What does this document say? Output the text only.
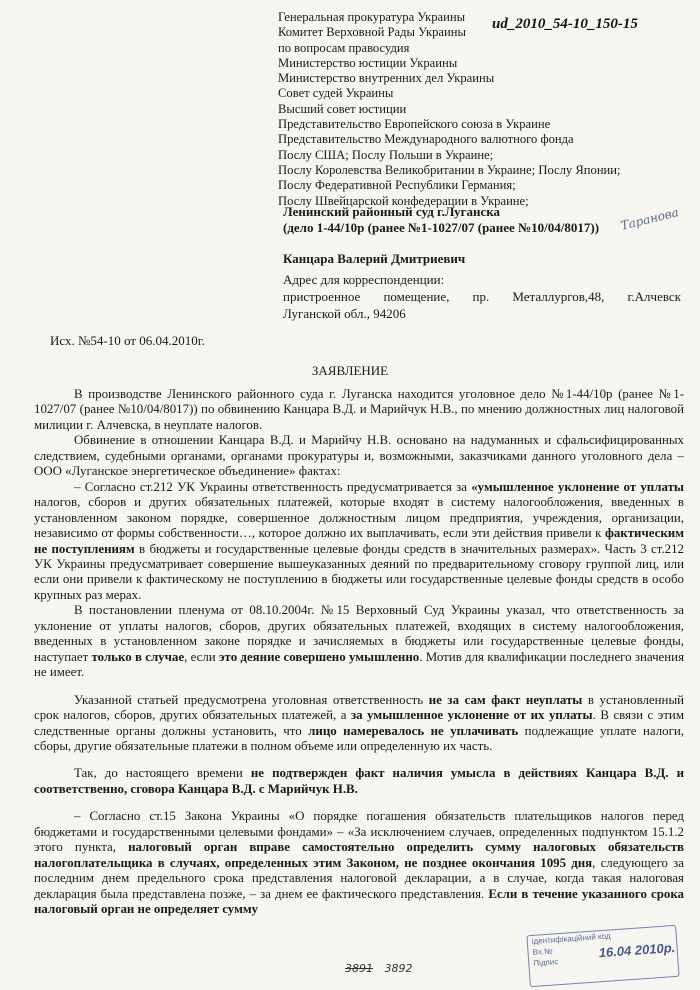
ud_2010_54-10_150-15
Генеральная прокуратура Украины
Комитет Верховной Рады Украины
по вопросам правосудия
Министерство юстиции Украины
Министерство внутренних дел Украины
Совет судей Украины
Высший совет юстиции
Представительство Европейского союза в Украине
Представительство Международного валютного фонда
Послу США; Послу Польши в Украине;
Послу Королевства Великобритании в Украине; Послу Японии;
Послу Федеративной Республики Германия;
Послу Швейцарской конфедерации в Украине;
Ленинский районный суд г.Луганска
(дело 1-44/10р (ранее №1-1027/07 (ранее №10/04/8017)) Таранова
Канцара Валерий Дмитриевич
Адрес для корреспонденции:
пристроенное помещение, пр. Металлургов,48, г.Алчевск
Луганской обл., 94206
Исх. №54-10 от 06.04.2010г.
ЗАЯВЛЕНИЕ

В производстве Ленинского районного суда г. Луганска находится уголовное дело №1-44/10р (ранее №1-1027/07 (ранее №10/04/8017)) по обвинению Канцара В.Д. и Марийчук Н.В., по мнению должностных лиц налоговой милиции г. Алчевска, в неуплате налогов.

Обвинение в отношении Канцара В.Д. и Марийчу Н.В. основано на надуманных и сфальсифицированных следствием, судебными органами, органами прокуратуры и, возможными, заказчиками данного уголовного дела – ООО «Луганское энергетическое объединение» фактах:

– Согласно ст.212 УК Украины ответственность предусматривается за «умышленное уклонение от уплаты налогов, сборов и других обязательных платежей, которые входят в систему налогообложения, введенных в установленном законом порядке, совершенное должностным лицом предприятия, учреждения, организации, независимо от формы собственности…, которое должно их выплачивать, если эти действия привели к фактическим не поступлениям в бюджеты и государственные целевые фонды средств в значительных размерах». Часть 3 ст.212 УК Украины предусматривает совершение вышеуказанных деяний по предварительному сговору группой лиц, или если они привели к фактическому не поступлению в бюджеты или государственные целевые фонды средств в особо крупных раз мерах.

В постановлении пленума от 08.10.2004г. №15 Верховный Суд Украины указал, что ответственность за уклонение от уплаты налогов, сборов, других обязательных платежей, входящих в систему налогообложения, введенных в установленном законе порядке и зачисляемых в бюджеты или государственные целевые фонды, наступает только в случае, если это деяние совершено умышленно. Мотив для квалификации последнего значения не имеет.

Указанной статьей предусмотрена уголовная ответственность не за сам факт неуплаты в установленный срок налогов, сборов, других обязательных платежей, а за умышленное уклонение от их уплаты. В связи с этим следственные органы должны установить, что лицо намеревалось не уплачивать подлежащие уплате налоги, сборы, другие обязательные платежи в полном объеме или определенную их часть.

Так, до настоящего времени не подтвержден факт наличия умысла в действиях Канцара В.Д. и соответственно, сговора Канцара В.Д. с Марийчук Н.В.

– Согласно ст.15 Закона Украины «О порядке погашения обязательств плательщиков налогов перед бюджетами и государственными целевыми фондами» – «За исключением случаев, определенных подпунктом 15.1.2 этого пункта, налоговый орган вправе самостоятельно определить сумму налоговых обязательств налогоплательщика в случаях, определенных этим Законом, не позднее окончания 1095 дня, следующего за последним днем предельного срока представления налоговой декларации, а в случае, когда такая налоговая декларация была представлена позже, – за днем ее фактического представления. Если в течение указанного срока налоговый орган не определяет сумму

ідентифікаційний код
Вх.№
Підпис
16.04 2010р.
3891 3892
